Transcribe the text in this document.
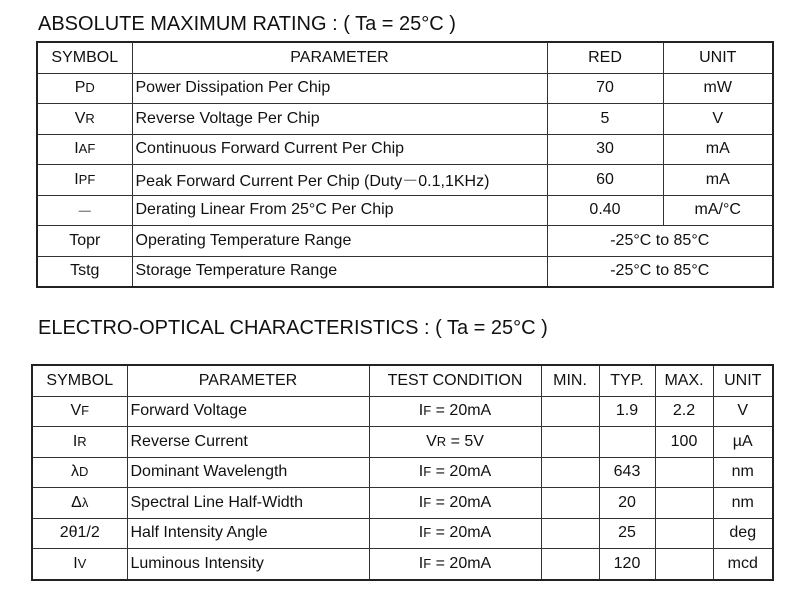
ABSOLUTE MAXIMUM RATING : ( Ta = 25°C )
SYMBOL	PARAMETER	RED	UNIT
PD	Power Dissipation Per Chip	70	mW
VR	Reverse Voltage Per Chip	5	V
IAF	Continuous Forward Current Per Chip	30	mA
IPF	Peak Forward Current Per Chip (Duty－0.1,1KHz)	60	mA
－	Derating Linear From 25°C Per Chip	0.40	mA/°C
Topr	Operating Temperature Range	-25°C to 85°C	
Tstg	Storage Temperature Range	-25°C to 85°C	
ELECTRO-OPTICAL CHARACTERISTICS : ( Ta = 25°C )
SYMBOL	PARAMETER	TEST CONDITION	MIN.	TYP.	MAX.	UNIT
VF	Forward Voltage	IF = 20mA		1.9	2.2	V
IR	Reverse Current	VR = 5V			100	µA
λD	Dominant Wavelength	IF = 20mA		643		nm
Δλ	Spectral Line Half-Width	IF = 20mA		20		nm
2θ1/2	Half Intensity Angle	IF = 20mA		25		deg
IV	Luminous Intensity	IF = 20mA		120		mcd
